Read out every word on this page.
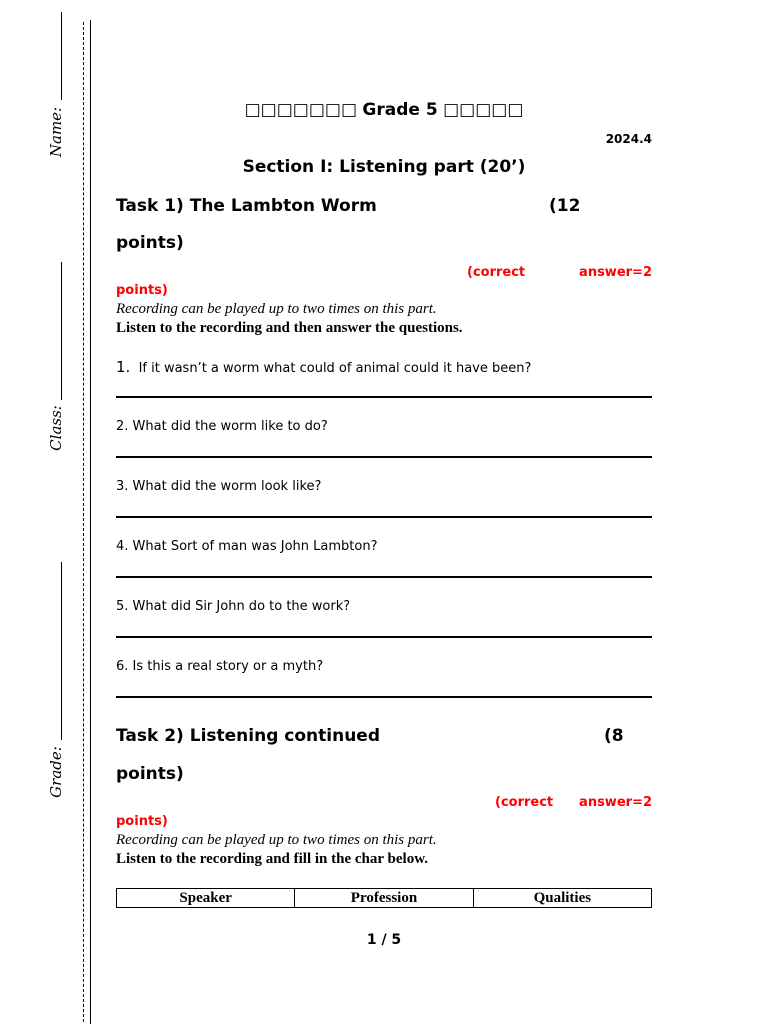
Name:
Class:
Grade:
□□□□□□□ Grade 5 □□□□□
2024.4
Section I: Listening part (20’)
Task 1) The Lambton Worm	(12
points)
(correct	answer=2
points)
Recording can be played up to two times on this part.
Listen to the recording and then answer the questions.
1. If it wasn’t a worm what could of animal could it have been?
2. What did the worm like to do?
3. What did the worm look like?
4. What Sort of man was John Lambton?
5. What did Sir John do to the work?
6. Is this a real story or a myth?
Task 2) Listening continued	(8
points)
(correct answer=2
points)
Recording can be played up to two times on this part.
Listen to the recording and fill in the char below.
Speaker	Profession	Qualities
1 / 5
